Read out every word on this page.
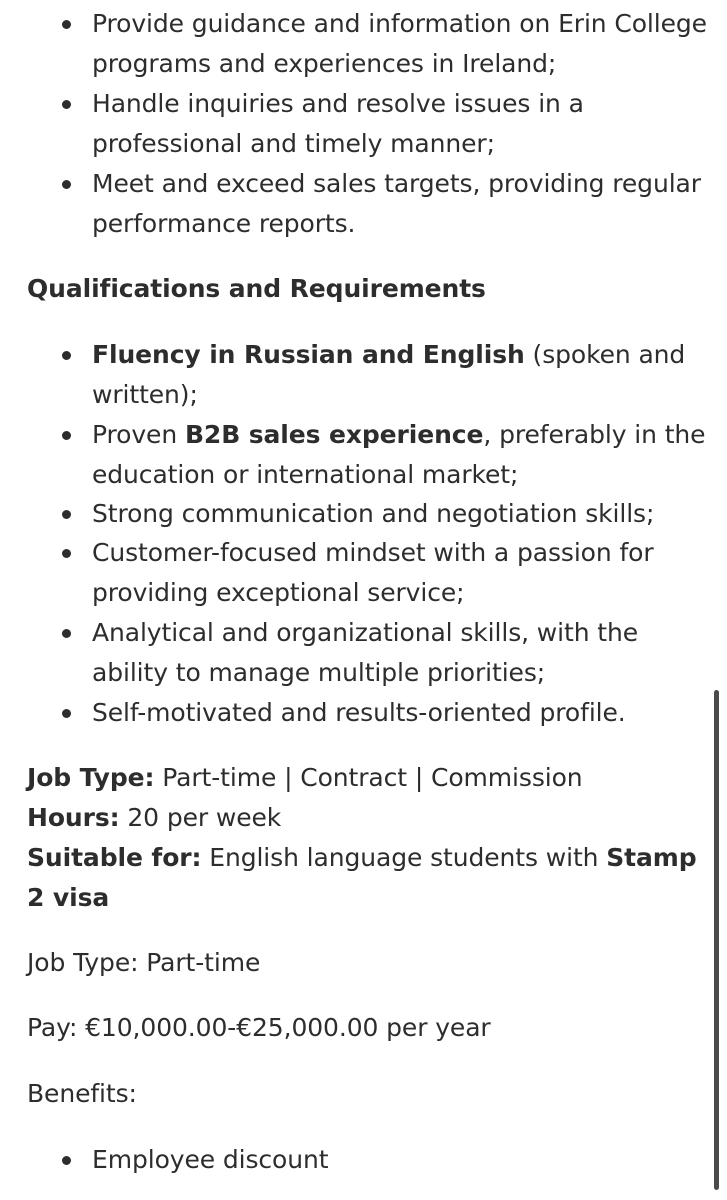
Provide guidance and information on Erin College programs and experiences in Ireland;
Handle inquiries and resolve issues in a professional and timely manner;
Meet and exceed sales targets, providing regular performance reports.
Qualifications and Requirements
Fluency in Russian and English (spoken and written);
Proven B2B sales experience, preferably in the education or international market;
Strong communication and negotiation skills;
Customer-focused mindset with a passion for providing exceptional service;
Analytical and organizational skills, with the ability to manage multiple priorities;
Self-motivated and results-oriented profile.
Job Type: Part-time | Contract | Commission
Hours: 20 per week
Suitable for: English language students with Stamp 2 visa
Job Type: Part-time
Pay: €10,000.00-€25,000.00 per year
Benefits:
Employee discount
